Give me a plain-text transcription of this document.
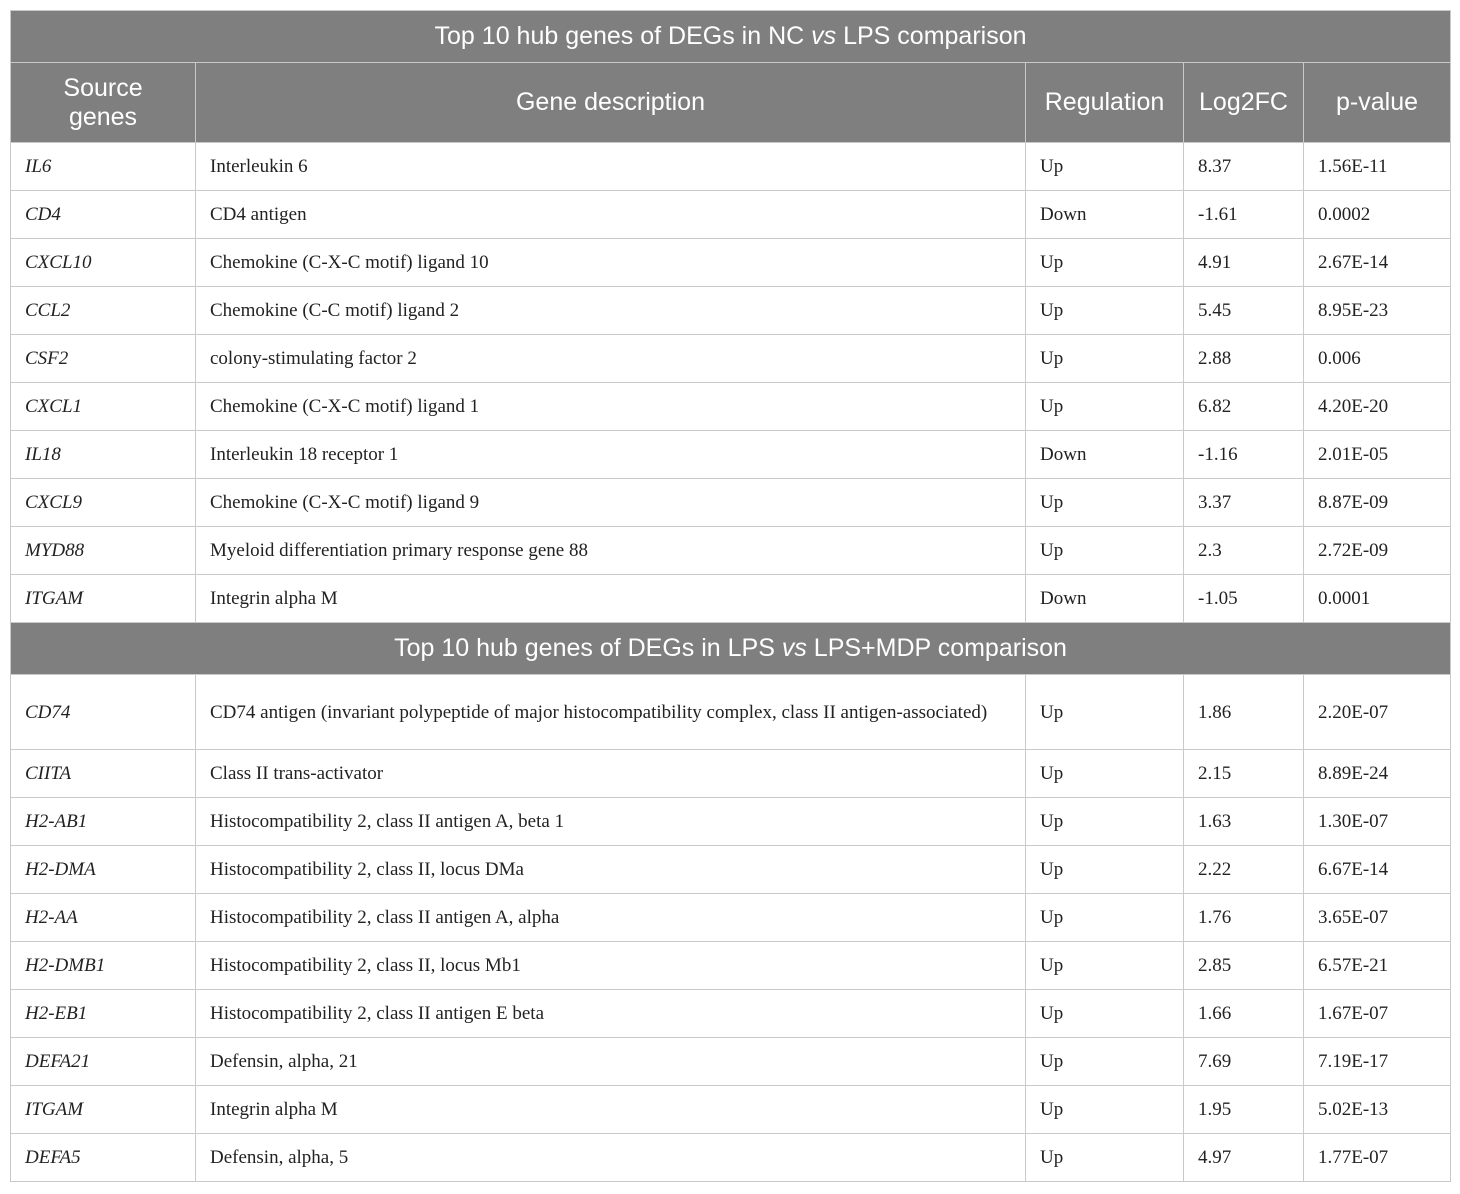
Top 10 hub genes of DEGs in NC vs LPS comparison				
Source genes	Gene description	Regulation	Log2FC	p-value
IL6	Interleukin 6	Up	8.37	1.56E-11
CD4	CD4 antigen	Down	-1.61	0.0002
CXCL10	Chemokine (C-X-C motif) ligand 10	Up	4.91	2.67E-14
CCL2	Chemokine (C-C motif) ligand 2	Up	5.45	8.95E-23
CSF2	colony-stimulating factor 2	Up	2.88	0.006
CXCL1	Chemokine (C-X-C motif) ligand 1	Up	6.82	4.20E-20
IL18	Interleukin 18 receptor 1	Down	-1.16	2.01E-05
CXCL9	Chemokine (C-X-C motif) ligand 9	Up	3.37	8.87E-09
MYD88	Myeloid differentiation primary response gene 88	Up	2.3	2.72E-09
ITGAM	Integrin alpha M	Down	-1.05	0.0001
Top 10 hub genes of DEGs in LPS vs LPS+MDP comparison				
CD74	CD74 antigen (invariant polypeptide of major histocompatibility complex, class II antigen-associated)	Up	1.86	2.20E-07
CIITA	Class II trans-activator	Up	2.15	8.89E-24
H2-AB1	Histocompatibility 2, class II antigen A, beta 1	Up	1.63	1.30E-07
H2-DMA	Histocompatibility 2, class II, locus DMa	Up	2.22	6.67E-14
H2-AA	Histocompatibility 2, class II antigen A, alpha	Up	1.76	3.65E-07
H2-DMB1	Histocompatibility 2, class II, locus Mb1	Up	2.85	6.57E-21
H2-EB1	Histocompatibility 2, class II antigen E beta	Up	1.66	1.67E-07
DEFA21	Defensin, alpha, 21	Up	7.69	7.19E-17
ITGAM	Integrin alpha M	Up	1.95	5.02E-13
DEFA5	Defensin, alpha, 5	Up	4.97	1.77E-07
